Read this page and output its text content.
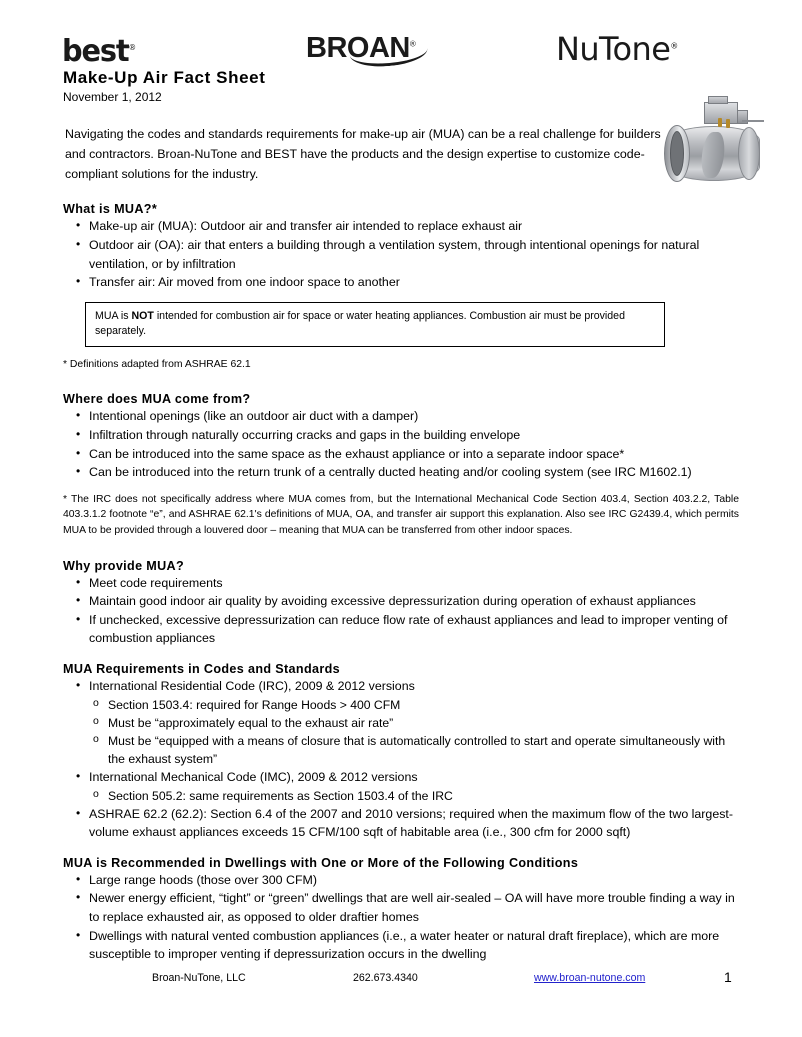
best®	BROAN®	NuTone®
Make-Up Air Fact Sheet
November 1, 2012

Navigating the codes and standards requirements for make-up air (MUA) can be a real challenge for builders and contractors. Broan-NuTone and BEST have the products and the design expertise to customize code-compliant solutions for the industry.

What is MUA?*
• Make-up air (MUA): Outdoor air and transfer air intended to replace exhaust air
• Outdoor air (OA): air that enters a building through a ventilation system, through intentional openings for natural ventilation, or by infiltration
• Transfer air: Air moved from one indoor space to another
MUA is NOT intended for combustion air for space or water heating appliances. Combustion air must be provided separately.
* Definitions adapted from ASHRAE 62.1
Where does MUA come from?
• Intentional openings (like an outdoor air duct with a damper)
• Infiltration through naturally occurring cracks and gaps in the building envelope
• Can be introduced into the same space as the exhaust appliance or into a separate indoor space*
• Can be introduced into the return trunk of a centrally ducted heating and/or cooling system (see IRC M1602.1)
* The IRC does not specifically address where MUA comes from, but the International Mechanical Code Section 403.4, Section 403.2.2, Table 403.3.1.2 footnote “e”, and ASHRAE 62.1's definitions of MUA, OA, and transfer air support this explanation. Also see IRC G2439.4, which permits MUA to be provided through a louvered door – meaning that MUA can be transferred from other indoor spaces.
Why provide MUA?
• Meet code requirements
• Maintain good indoor air quality by avoiding excessive depressurization during operation of exhaust appliances
• If unchecked, excessive depressurization can reduce flow rate of exhaust appliances and lead to improper venting of combustion appliances
MUA Requirements in Codes and Standards
• International Residential Code (IRC), 2009 & 2012 versions
o Section 1503.4: required for Range Hoods > 400 CFM
o Must be “approximately equal to the exhaust air rate”
o Must be “equipped with a means of closure that is automatically controlled to start and operate simultaneously with the exhaust system”
• International Mechanical Code (IMC), 2009 & 2012 versions
o Section 505.2: same requirements as Section 1503.4 of the IRC
• ASHRAE 62.2 (62.2): Section 6.4 of the 2007 and 2010 versions; required when the maximum flow of the two largest-volume exhaust appliances exceeds 15 CFM/100 sqft of habitable area (i.e., 300 cfm for 2000 sqft)
MUA is Recommended in Dwellings with One or More of the Following Conditions
• Large range hoods (those over 300 CFM)
• Newer energy efficient, “tight” or “green” dwellings that are well air-sealed – OA will have more trouble finding a way in to replace exhausted air, as opposed to older draftier homes
• Dwellings with natural vented combustion appliances (i.e., a water heater or natural draft fireplace), which are more susceptible to improper venting if depressurization occurs in the dwelling
Broan-NuTone, LLC	262.673.4340	www.broan-nutone.com	1
